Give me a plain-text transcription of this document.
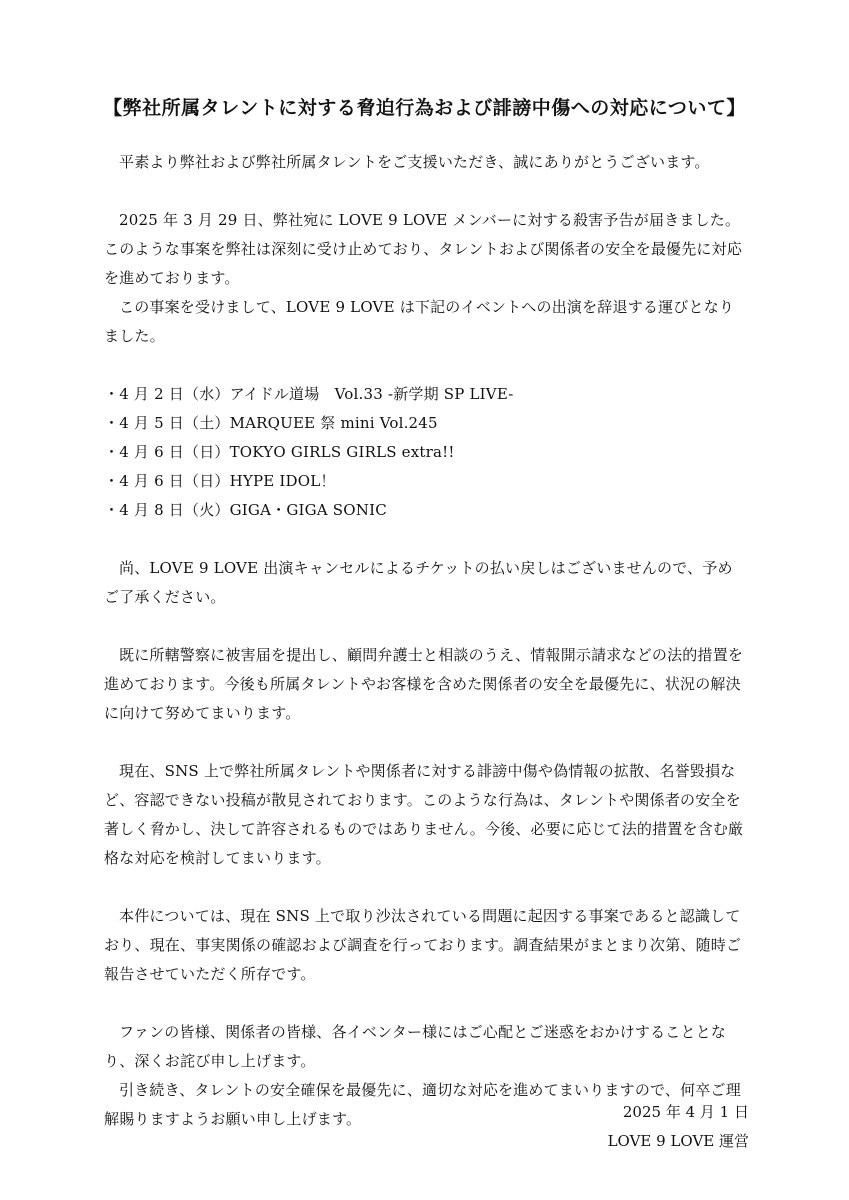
【弊社所属タレントに対する脅迫行為および誹謗中傷への対応について】

平素より弊社および弊社所属タレントをご支援いただき、誠にありがとうございます。

2025 年 3 月 29 日、弊社宛に LOVE 9 LOVE メンバーに対する殺害予告が届きました。このような事案を弊社は深刻に受け止めており、タレントおよび関係者の安全を最優先に対応を進めております。

この事案を受けまして、LOVE 9 LOVE は下記のイベントへの出演を辞退する運びとなりました。

・4 月 2 日（水）アイドル道場　Vol.33 -新学期 SP LIVE-
・4 月 5 日（土）MARQUEE 祭 mini Vol.245
・4 月 6 日（日）TOKYO GIRLS GIRLS extra!!
・4 月 6 日（日）HYPE IDOL！
・4 月 8 日（火）GIGA・GIGA SONIC

尚、LOVE 9 LOVE 出演キャンセルによるチケットの払い戻しはございませんので、予めご了承ください。

既に所轄警察に被害届を提出し、顧問弁護士と相談のうえ、情報開示請求などの法的措置を進めております。今後も所属タレントやお客様を含めた関係者の安全を最優先に、状況の解決に向けて努めてまいります。

現在、SNS 上で弊社所属タレントや関係者に対する誹謗中傷や偽情報の拡散、名誉毀損など、容認できない投稿が散見されております。このような行為は、タレントや関係者の安全を著しく脅かし、決して許容されるものではありません。今後、必要に応じて法的措置を含む厳格な対応を検討してまいります。

本件については、現在 SNS 上で取り沙汰されている問題に起因する事案であると認識しており、現在、事実関係の確認および調査を行っております。調査結果がまとまり次第、随時ご報告させていただく所存です。

ファンの皆様、関係者の皆様、各イベンター様にはご心配とご迷惑をおかけすることとなり、深くお詫び申し上げます。

引き続き、タレントの安全確保を最優先に、適切な対応を進めてまいりますので、何卒ご理解賜りますようお願い申し上げます。	2025 年 4 月 1 日
LOVE 9 LOVE 運営
